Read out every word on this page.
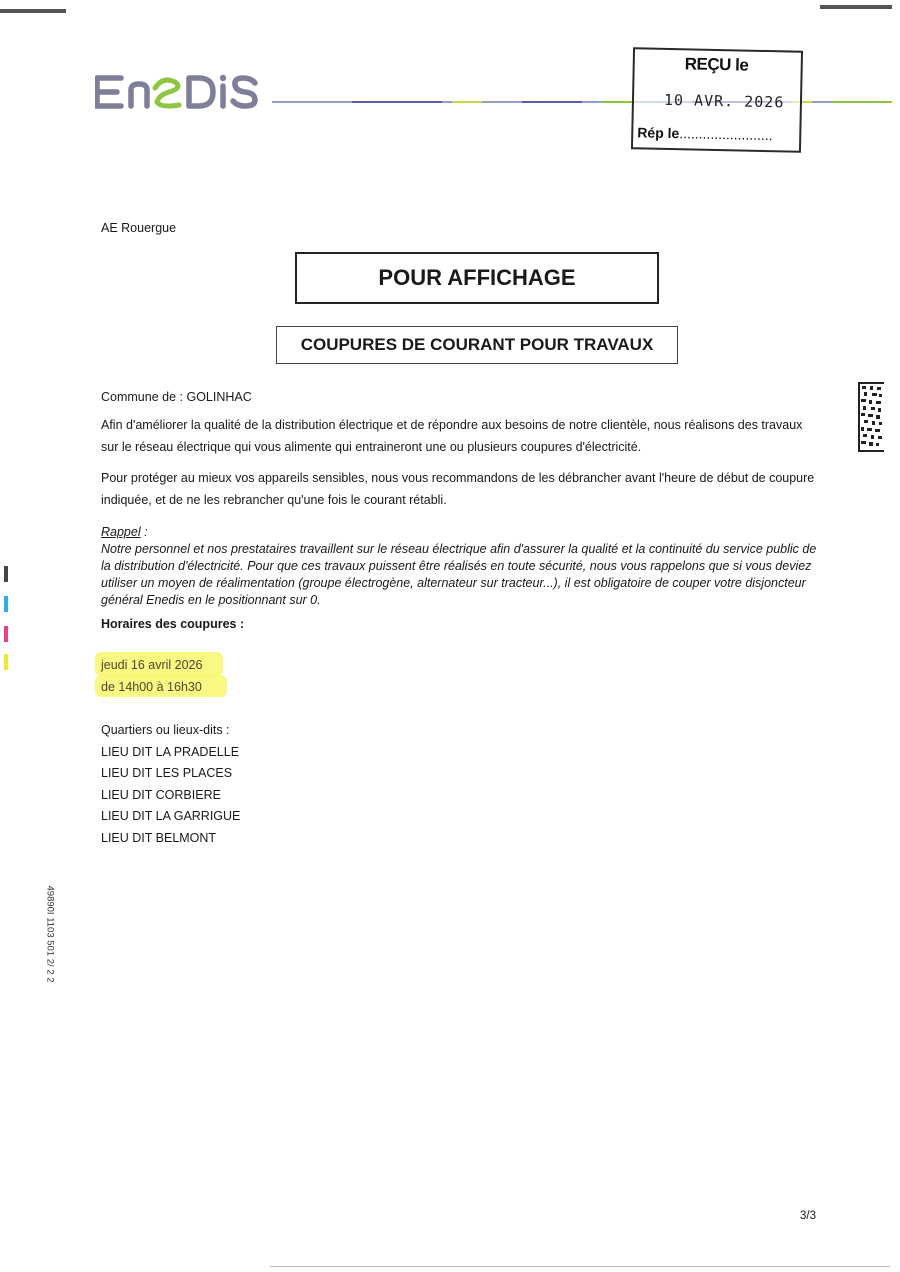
REÇU le
10 AVR. 2026
Rép le........................
AE Rouergue
POUR AFFICHAGE
COUPURES DE COURANT POUR TRAVAUX
Commune de : GOLINHAC
Afin d'améliorer la qualité de la distribution électrique et de répondre aux besoins de notre clientèle, nous réalisons des travaux sur le réseau électrique qui vous alimente qui entraineront une ou plusieurs coupures d'électricité.
Pour protéger au mieux vos appareils sensibles, nous vous recommandons de les débrancher avant l'heure de début de coupure indiquée, et de ne les rebrancher qu'une fois le courant rétabli.
Rappel :
Notre personnel et nos prestataires travaillent sur le réseau électrique afin d'assurer la qualité et la continuité du service public de la distribution d'électricité. Pour que ces travaux puissent être réalisés en toute sécurité, nous vous rappelons que si vous deviez utiliser un moyen de réalimentation (groupe électrogène, alternateur sur tracteur...), il est obligatoire de couper votre disjoncteur général Enedis en le positionnant sur 0.
Horaires des coupures :
jeudi 16 avril 2026
de 14h00 à 16h30
Quartiers ou lieux-dits :
LIEU DIT LA PRADELLE
LIEU DIT LES PLACES
LIEU DIT CORBIERE
LIEU DIT LA GARRIGUE
LIEU DIT BELMONT
49890I 1103 501 2/ 2 2
3/3
